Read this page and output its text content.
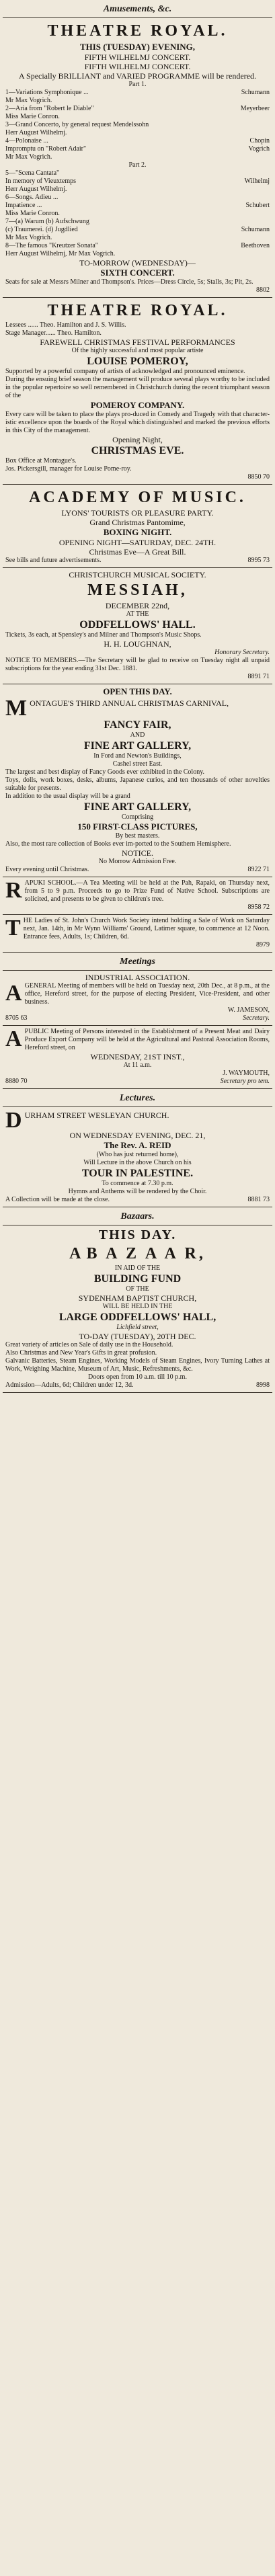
Amusements, &c.
THEATRE ROYAL.
THIS (TUESDAY) EVENING,
FIFTH WILHELMJ CONCERT.
FIFTH WILHELMJ CONCERT.
A Specially BRILLIANT and VARIED PROGRAMME will be rendered.
Part 1.
1—Variations Symphonique ...	Schumann
Mr Max Vogrich.
2—Aria from "Robert le Diable"	Meyerbeer
Miss Marie Conron.
3—Grand Concerto, by general request Mendelssohn
Herr August Wilhelmj.
4—Polonaise ...	Chopin
Impromptu on "Robert Adair"	Vogrich
Mr Max Vogrich.
Part 2.
5—"Scena Cantata"
In memory of Vieuxtemps	Wilhelmj
Herr August Wilhelmj.
6—Songs. Adieu ...
Impatience ...	Schubert
Miss Marie Conron.
7—(a) Warum (b) Aufschwung
(c) Traumerei. (d) Jugdlied	Schumann
Mr Max Vogrich.
8—The famous "Kreutzer Sonata"	Beethoven
Herr August Wilhelmj, Mr Max Vogrich.
TO-MORROW (WEDNESDAY)—
SIXTH CONCERT.
Seats for sale at Messrs Milner and Thompson's. Prices—Dress Circle, 5s; Stalls, 3s; Pit, 2s.
8802
THEATRE ROYAL.
Lessees ...... Theo. Hamilton and J. S. Willis.
Stage Manager...... Theo. Hamilton.
FAREWELL CHRISTMAS FESTIVAL PERFORMANCES
Of the highly successful and most popular artiste
LOUISE POMEROY,
Supported by a powerful company of artists of acknowledged and pronounced eminence.
During the ensuing brief season the management will produce several plays worthy to be included in the popular repertoire so well remembered in Christchurch during the recent triumphant season of the
POMEROY COMPANY.
Every care will be taken to place the plays pro-duced in Comedy and Tragedy with that character-istic excellence upon the boards of the Royal which distinguished and marked the previous efforts in this City of the management.
Opening Night,
CHRISTMAS EVE.
Box Office at Montague's.
Jos. Pickersgill, manager for Louise Pome-roy.
8850 70
ACADEMY OF MUSIC.
LYONS' TOURISTS OR PLEASURE PARTY.
Grand Christmas Pantomime,
BOXING NIGHT.
OPENING NIGHT—SATURDAY, DEC. 24TH.
Christmas Eve—A Great Bill.
See bills and future advertisements.	8995 73
CHRISTCHURCH MUSICAL SOCIETY.
MESSIAH,
DECEMBER 22nd,
AT THE
ODDFELLOWS' HALL.
Tickets, 3s each, at Spensley's and Milner and Thompson's Music Shops.
H. H. LOUGHNAN,
Honorary Secretary.
NOTICE TO MEMBERS.—The Secretary will be glad to receive on Tuesday night all unpaid subscriptions for the year ending 31st Dec. 1881.
8891 71
OPEN THIS DAY.
MONTAGUE'S THIRD ANNUAL CHRISTMAS CARNIVAL,
FANCY FAIR,
AND
FINE ART GALLERY,
In Ford and Newton's Buildings,
Cashel street East.
The largest and best display of Fancy Goods ever exhibited in the Colony.
Toys, dolls, work boxes, desks, albums, Japanese curios, and ten thousands of other novelties suitable for presents.
In addition to the usual display will be a grand
FINE ART GALLERY,
Comprising
150 FIRST-CLASS PICTURES,
By best masters.
Also, the most rare collection of Books ever im-ported to the Southern Hemisphere.
NOTICE.
No Morrow Admission Free.
Every evening until Christmas.	8922 71
RAPUKI SCHOOL.—A Tea Meeting will be held at the Pah, Rapaki, on Thursday next, from 5 to 9 p.m. Proceeds to go to Prize Fund of Native School. Subscriptions are solicited, and presents to be given to children's tree.
8958 72
THE Ladies of St. John's Church Work Society intend holding a Sale of Work on Saturday next, Jan. 14th, in Mr Wynn Williams' Ground, Latimer square, to commence at 12 Noon. Entrance fees, Adults, 1s; Children, 6d.
8979
Meetings
INDUSTRIAL ASSOCIATION.
AGENERAL Meeting of members will be held on Tuesday next, 20th Dec., at 8 p.m., at the office, Hereford street, for the purpose of electing President, Vice-President, and other business.
W. JAMESON,
8705 63	Secretary.
APUBLIC Meeting of Persons interested in the Establishment of a Present Meat and Dairy Produce Export Company will be held at the Agricultural and Pastoral Association Rooms, Hereford street, on
WEDNESDAY, 21ST INST.,
At 11 a.m.
J. WAYMOUTH,
8880 70	Secretary pro tem.
Lectures.
DURHAM STREET WESLEYAN CHURCH.
ON WEDNESDAY EVENING, DEC. 21,
The Rev. A. REID
(Who has just returned home),
Will Lecture in the above Church on his
TOUR IN PALESTINE.
To commence at 7.30 p.m.
Hymns and Anthems will be rendered by the Choir.
A Collection will be made at the close.	8881 73
Bazaars.
THIS DAY.
A B A Z A A R,
IN AID OF THE
BUILDING FUND
OF THE
SYDENHAM BAPTIST CHURCH,
WILL BE HELD IN THE
LARGE ODDFELLOWS' HALL,
Lichfield street,
TO-DAY (TUESDAY), 20TH DEC.
Great variety of articles on Sale of daily use in the Household.
Also Christmas and New Year's Gifts in great profusion.
Galvanic Batteries, Steam Engines, Working Models of Steam Engines, Ivory Turning Lathes at Work, Weighing Machine, Museum of Art, Music, Refreshments, &c.
Doors open from 10 a.m. till 10 p.m.
Admission—Adults, 6d; Children under 12, 3d.	8998
